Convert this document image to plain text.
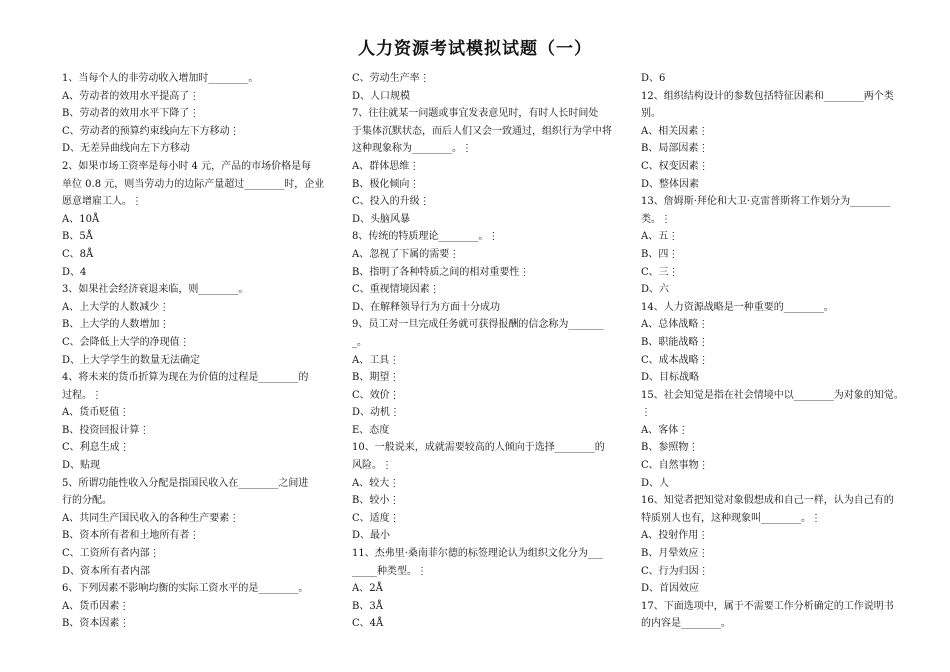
人力资源考试模拟试题（一）
1、当每个人的非劳动收入增加时________。
A、劳动者的效用水平提高了⋮
B、劳动者的效用水平下降了⋮
C、劳动者的预算约束线向左下方移动⋮
D、无差异曲线向左下方移动
2、如果市场工资率是每小时 4 元，产品的市场价格是每
单位 0.8 元，则当劳动力的边际产量超过________时，企业
愿意增雇工人。⋮
A、10Å
B、5Å
C、8Å
D、4
3、如果社会经济衰退来临，则________。
A、上大学的人数减少⋮
B、上大学的人数增加⋮
C、会降低上大学的净现值⋮
D、上大学学生的数量无法确定
4、将未来的货币折算为现在为价值的过程是________的
过程。⋮
A、货币贬值⋮
B、投资回报计算⋮
C、利息生成⋮
D、贴现
5、所谓功能性收入分配是指国民收入在________之间进
行的分配。
A、共同生产国民收入的各种生产要素⋮
B、资本所有者和土地所有者⋮
C、工资所有者内部⋮
D、资本所有者内部
6、下列因素不影响均衡的实际工资水平的是________。
A、货币因素⋮
B、资本因素⋮
C、劳动生产率⋮
D、人口规模
7、往往就某一问题或事宜发表意见时，有时人长时间处
于集体沉默状态，而后人们又会一致通过，组织行为学中将
这种现象称为________。⋮
A、群体思维⋮
B、极化倾向⋮
C、投入的升级⋮
D、头脑风暴
8、传统的特质理论________。⋮
A、忽视了下属的需要⋮
B、指明了各种特质之间的相对重要性⋮
C、重视情境因素⋮
D、在解释领导行为方面十分成功
9、员工对一旦完成任务就可获得报酬的信念称为_______
_。
A、工具⋮
B、期望⋮
C、效价⋮
D、动机⋮
E、态度
10、一般说来，成就需要较高的人倾向于选择________的
风险。⋮
A、较大⋮
B、较小⋮
C、适度⋮
D、最小
11、杰弗里·桑南菲尔德的标签理论认为组织文化分为___
_____种类型。⋮
A、2Å
B、3Å
C、4Å
D、6
12、组织结构设计的参数包括特征因素和________两个类
别。
A、相关因素⋮
B、局部因素⋮
C、权变因素⋮
D、整体因素
13、詹姆斯·拜伦和大卫·克雷普斯将工作划分为________
类。⋮
A、五⋮
B、四⋮
C、三⋮
D、六
14、人力资源战略是一种重要的________。
A、总体战略⋮
B、职能战略⋮
C、成本战略⋮
D、目标战略
15、社会知觉是指在社会情境中以________为对象的知觉。
⋮
A、客体⋮
B、参照物⋮
C、自然事物⋮
D、人
16、知觉者把知觉对象假想成和自己一样，认为自己有的
特质别人也有，这种现象叫________。⋮
A、投射作用⋮
B、月晕效应⋮
C、行为归因⋮
D、首因效应
17、下面选项中，属于不需要工作分析确定的工作说明书
的内容是________。
